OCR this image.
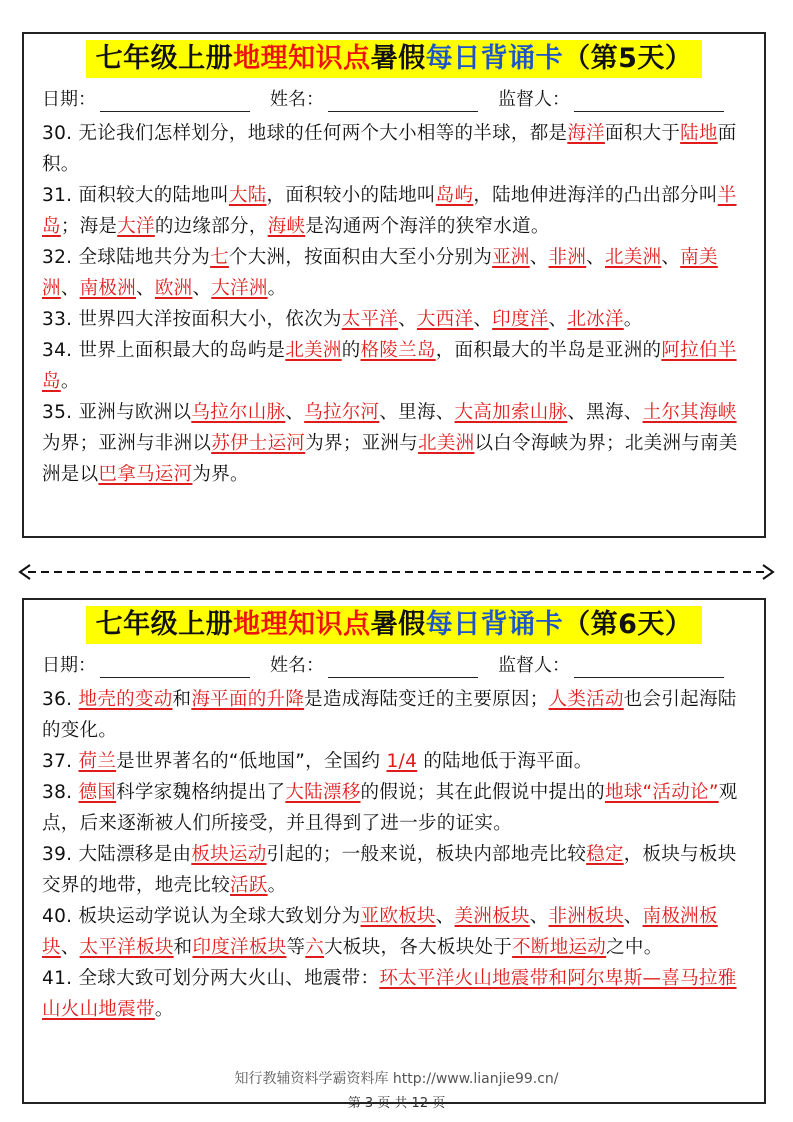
七年级上册地理知识点暑假每日背诵卡（第5天）
日期：	姓名：	监督人：
30. 无论我们怎样划分，地球的任何两个大小相等的半球，都是海洋面积大于陆地面积。
31. 面积较大的陆地叫大陆，面积较小的陆地叫岛屿，陆地伸进海洋的凸出部分叫半岛；海是大洋的边缘部分，海峡是沟通两个海洋的狭窄水道。
32. 全球陆地共分为七个大洲，按面积由大至小分别为亚洲、非洲、北美洲、南美洲、南极洲、欧洲、大洋洲。
33. 世界四大洋按面积大小，依次为太平洋、大西洋、印度洋、北冰洋。
34. 世界上面积最大的岛屿是北美洲的格陵兰岛，面积最大的半岛是亚洲的阿拉伯半岛。
35. 亚洲与欧洲以乌拉尔山脉、乌拉尔河、里海、大高加索山脉、黑海、土尔其海峡为界；亚洲与非洲以苏伊士运河为界；亚洲与北美洲以白令海峡为界；北美洲与南美洲是以巴拿马运河为界。
七年级上册地理知识点暑假每日背诵卡（第6天）
日期：	姓名：	监督人：
36. 地壳的变动和海平面的升降是造成海陆变迁的主要原因；人类活动也会引起海陆的变化。
37. 荷兰是世界著名的“低地国”，全国约 1/4 的陆地低于海平面。
38. 德国科学家魏格纳提出了大陆漂移的假说；其在此假说中提出的地球“活动论”观点，后来逐渐被人们所接受，并且得到了进一步的证实。
39. 大陆漂移是由板块运动引起的；一般来说，板块内部地壳比较稳定，板块与板块交界的地带，地壳比较活跃。
40. 板块运动学说认为全球大致划分为亚欧板块、美洲板块、非洲板块、南极洲板块、太平洋板块和印度洋板块等六大板块，各大板块处于不断地运动之中。
41. 全球大致可划分两大火山、地震带：环太平洋火山地震带和阿尔卑斯—喜马拉雅山火山地震带。
知行教辅资料学霸资料库 http://www.lianjie99.cn/
第 3 页 共 12 页
